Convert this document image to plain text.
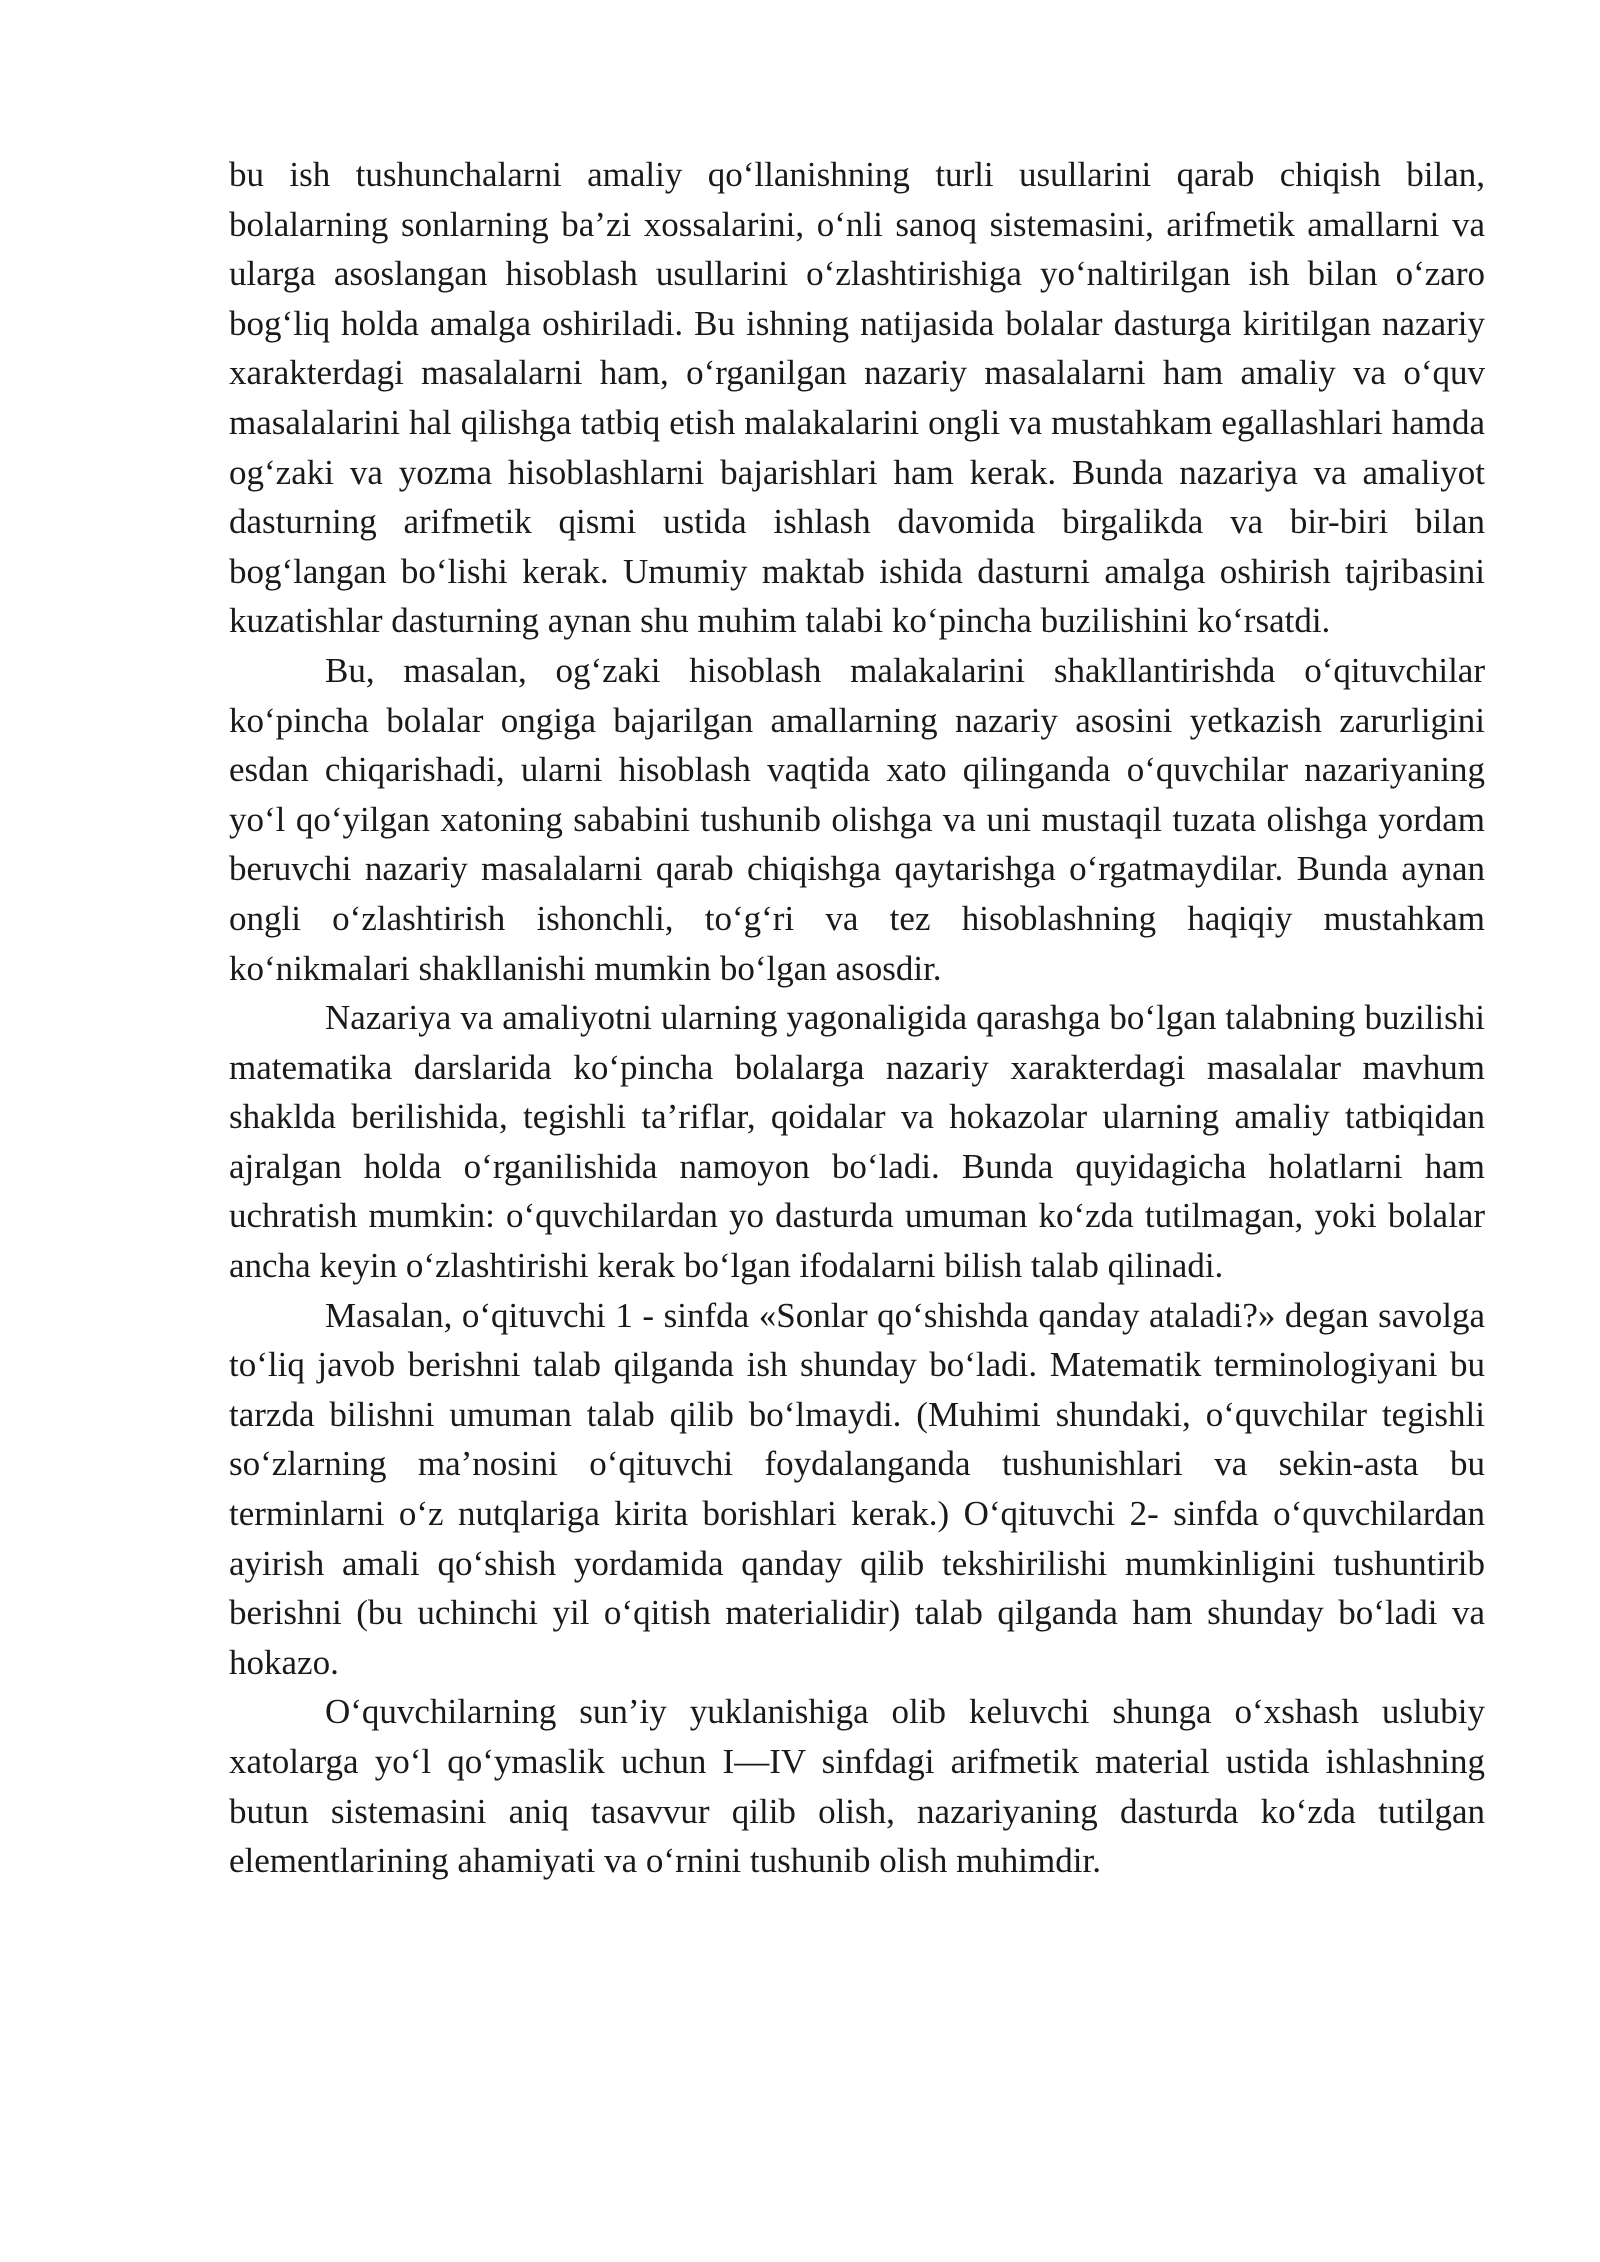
bu ish tushunchalarni amaliy qo‘llanishning turli usullarini qarab chiqish bilan, bolalarning sonlarning ba’zi xossalarini, o‘nli sanoq sistemasini, arifmetik amallarni va ularga asoslangan hisoblash usullarini o‘zlashtirishiga yo‘naltirilgan ish bilan o‘zaro bog‘liq holda amalga oshiriladi. Bu ishning natijasida bolalar dasturga kiritilgan nazariy xarakterdagi masalalarni ham, o‘rganilgan nazariy masalalarni ham amaliy va o‘quv masalalarini hal qilishga tatbiq etish malakalarini ongli va mustahkam egallashlari hamda og‘zaki va yozma hisoblashlarni bajarishlari ham kerak. Bunda nazariya va amaliyot dasturning arifmetik qismi ustida ishlash davomida birgalikda va bir-biri bilan bog‘langan bo‘lishi kerak. Umumiy maktab ishida dasturni amalga oshirish tajribasini kuzatishlar dasturning aynan shu muhim talabi ko‘pincha buzilishini ko‘rsatdi.

Bu, masalan, og‘zaki hisoblash malakalarini shakllantirishda o‘qituvchilar ko‘pincha bolalar ongiga bajarilgan amallarning nazariy asosini yetkazish zarurligini esdan chiqarishadi, ularni hisoblash vaqtida xato qilinganda o‘quvchilar nazariyaning yo‘l qo‘yilgan xatoning sababini tushunib olishga va uni mustaqil tuzata olishga yordam beruvchi nazariy masalalarni qarab chiqishga qaytarishga o‘rgatmaydilar. Bunda aynan ongli o‘zlashtirish ishonchli, to‘g‘ri va tez hisoblashning haqiqiy mustahkam ko‘nikmalari shakllanishi mumkin bo‘lgan asosdir.

Nazariya va amaliyotni ularning yagonaligida qarashga bo‘lgan talabning buzilishi matematika darslarida ko‘pincha bolalarga nazariy xarakterdagi masalalar mavhum shaklda berilishida, tegishli ta’riflar, qoidalar va hokazolar ularning amaliy tatbiqidan ajralgan holda o‘rganilishida namoyon bo‘ladi. Bunda quyidagicha holatlarni ham uchratish mumkin: o‘quvchilardan yo dasturda umuman ko‘zda tutilmagan, yoki bolalar ancha keyin o‘zlashtirishi kerak bo‘lgan ifodalarni bilish talab qilinadi.

Masalan, o‘qituvchi 1 - sinfda «Sonlar qo‘shishda qanday ataladi?» degan savolga to‘liq javob berishni talab qilganda ish shunday bo‘ladi. Matematik terminologiyani bu tarzda bilishni umuman talab qilib bo‘lmaydi. (Muhimi shundaki, o‘quvchilar tegishli so‘zlarning ma’nosini o‘qituvchi foydalanganda tushunishlari va sekin-asta bu terminlarni o‘z nutqlariga kirita borishlari kerak.) O‘qituvchi 2- sinfda o‘quvchilardan ayirish amali qo‘shish yordamida qanday qilib tekshirilishi mumkinligini tushuntirib berishni (bu uchinchi yil o‘qitish materialidir) talab qilganda ham shunday bo‘ladi va hokazo.

O‘quvchilarning sun’iy yuklanishiga olib keluvchi shunga o‘xshash uslubiy xatolarga yo‘l qo‘ymaslik uchun I—IV sinfdagi arifmetik material ustida ishlashning butun sistemasini aniq tasavvur qilib olish, nazariyaning dasturda ko‘zda tutilgan elementlarining ahamiyati va o‘rnini tushunib olish muhimdir.
